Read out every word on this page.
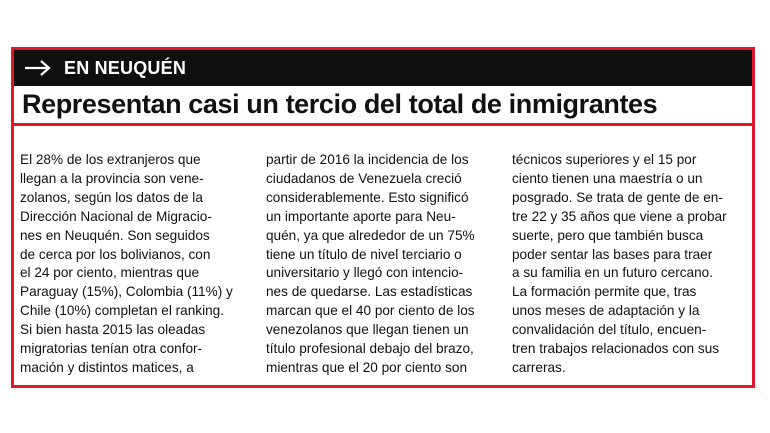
EN NEUQUÉN
Representan casi un tercio del total de inmigrantes

El 28% de los extranjeros que

llegan a la provincia son vene-

zolanos, según los datos de la

Dirección Nacional de Migracio-

nes en Neuquén. Son seguidos

de cerca por los bolivianos, con

el 24 por ciento, mientras que

Paraguay (15%), Colombia (11%) y

Chile (10%) completan el ranking.

Si bien hasta 2015 las oleadas

migratorias tenían otra confor-

mación y distintos matices, a

partir de 2016 la incidencia de los

ciudadanos de Venezuela creció

considerablemente. Esto significó

un importante aporte para Neu-

quén, ya que alrededor de un 75%

tiene un título de nivel terciario o

universitario y llegó con intencio-

nes de quedarse. Las estadísticas

marcan que el 40 por ciento de los

venezolanos que llegan tienen un

título profesional debajo del brazo,

mientras que el 20 por ciento son

técnicos superiores y el 15 por

ciento tienen una maestría o un

posgrado. Se trata de gente de en-

tre 22 y 35 años que viene a probar

suerte, pero que también busca

poder sentar las bases para traer

a su familia en un futuro cercano.

La formación permite que, tras

unos meses de adaptación y la

convalidación del título, encuen-

tren trabajos relacionados con sus

carreras.
